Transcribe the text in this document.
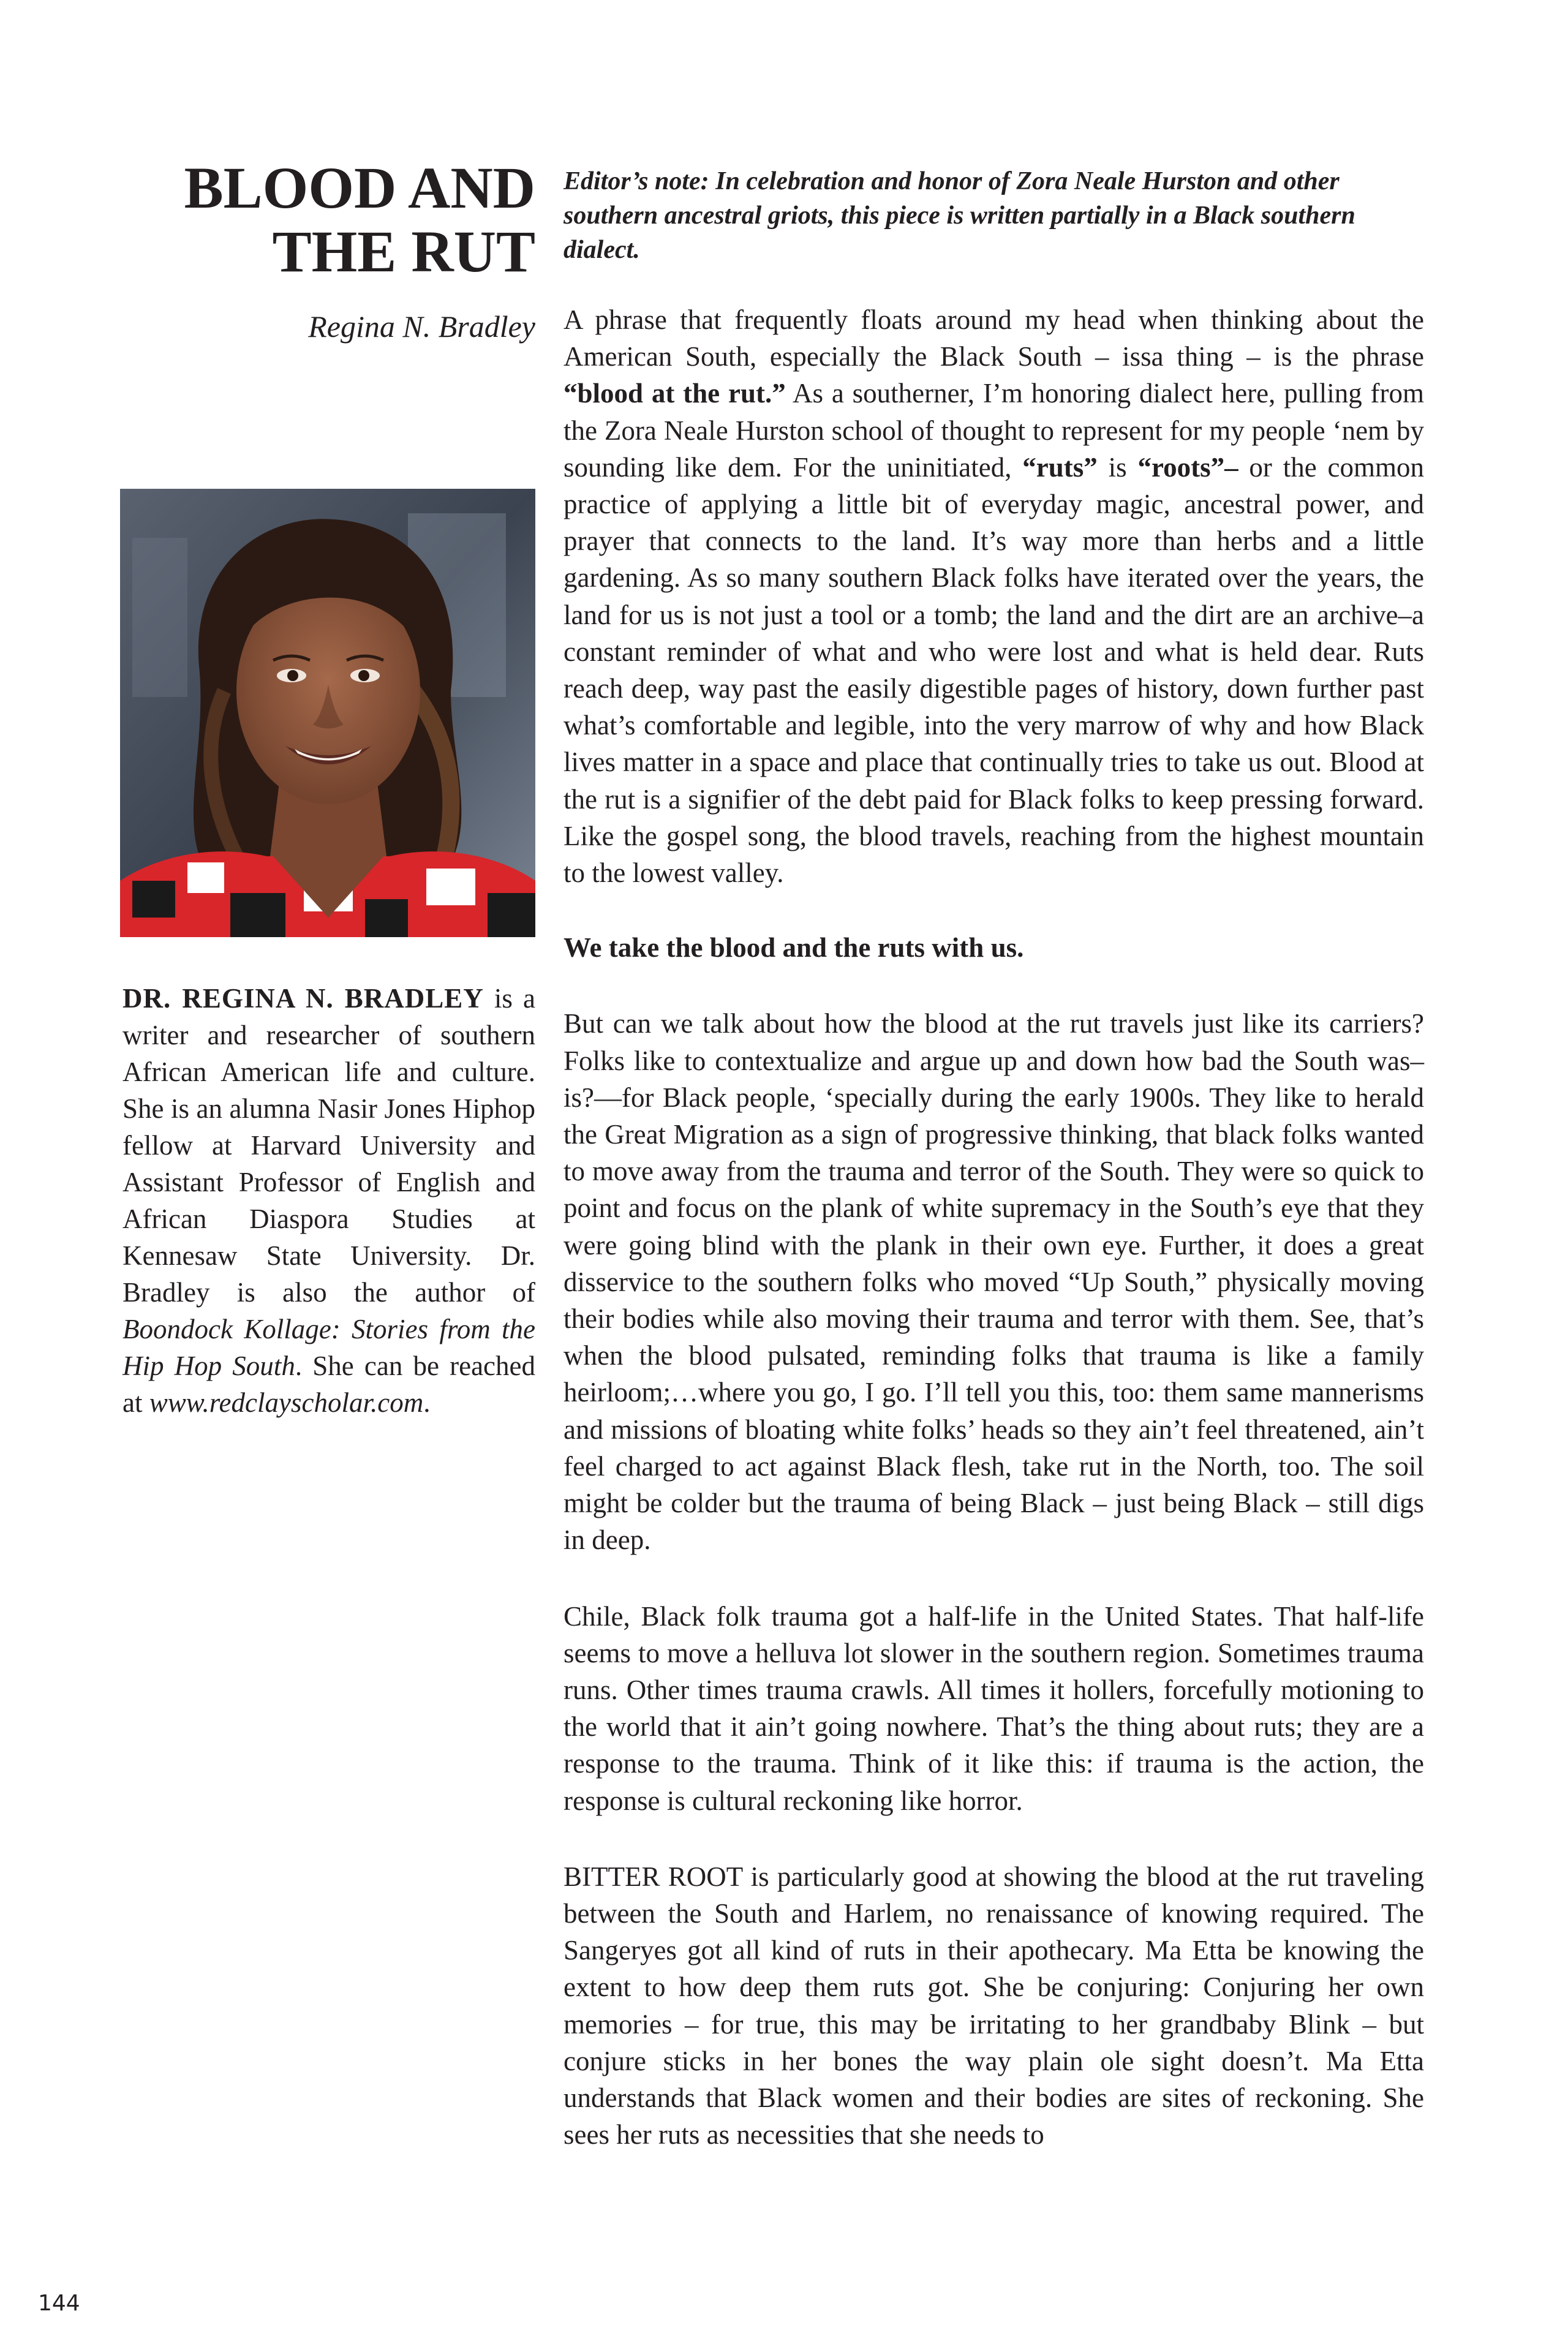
BLOOD AND
THE RUT
Regina N. Bradley

DR. REGINA N. BRADLEY is a writer and researcher of southern African American life and culture. She is an alumna Nasir Jones Hiphop fellow at Harvard University and Assistant Professor of English and African Diaspora Studies at Kennesaw State University. Dr. Bradley is also the author of Boondock Kollage: Stories from the Hip Hop South. She can be reached at www.redclayscholar.com.

Editor’s note: In celebration and honor of Zora Neale Hurston and other southern ancestral griots, this piece is written partially in a Black southern dialect.

A phrase that frequently floats around my head when thinking about the American South, especially the Black South – issa thing – is the phrase “blood at the rut.” As a southerner, I’m honoring dialect here, pulling from the Zora Neale Hurston school of thought to represent for my people ‘nem by sounding like dem. For the uninitiated, “ruts” is “roots”– or the common practice of applying a little bit of everyday magic, ancestral power, and prayer that connects to the land. It’s way more than herbs and a little gardening. As so many southern Black folks have iterated over the years, the land for us is not just a tool or a tomb; the land and the dirt are an archive–a constant reminder of what and who were lost and what is held dear. Ruts reach deep, way past the easily digestible pages of history, down further past what’s comfortable and legible, into the very marrow of why and how Black lives matter in a space and place that continually tries to take us out. Blood at the rut is a signifier of the debt paid for Black folks to keep pressing forward. Like the gospel song, the blood travels, reaching from the highest mountain to the lowest valley.

We take the blood and the ruts with us.

But can we talk about how the blood at the rut travels just like its carriers? Folks like to contextualize and argue up and down how bad the South was–is?—for Black people, ‘specially during the early 1900s. They like to herald the Great Migration as a sign of progressive thinking, that black folks wanted to move away from the trauma and terror of the South. They were so quick to point and focus on the plank of white supremacy in the South’s eye that they were going blind with the plank in their own eye. Further, it does a great disservice to the southern folks who moved “Up South,” physically moving their bodies while also moving their trauma and terror with them. See, that’s when the blood pulsated, reminding folks that trauma is like a family heirloom;…where you go, I go. I’ll tell you this, too: them same mannerisms and missions of bloating white folks’ heads so they ain’t feel threatened, ain’t feel charged to act against Black flesh, take rut in the North, too. The soil might be colder but the trauma of being Black – just being Black – still digs in deep.

Chile, Black folk trauma got a half-life in the United States. That half-life seems to move a helluva lot slower in the southern region. Sometimes trauma runs. Other times trauma crawls. All times it hollers, forcefully motioning to the world that it ain’t going nowhere. That’s the thing about ruts; they are a response to the trauma. Think of it like this: if trauma is the action, the response is cultural reckoning like horror.

BITTER ROOT is particularly good at showing the blood at the rut traveling between the South and Harlem, no renaissance of knowing required. The Sangeryes got all kind of ruts in their apothecary. Ma Etta be knowing the extent to how deep them ruts got. She be conjuring: Conjuring her own memories – for true, this may be irritating to her grandbaby Blink – but conjure sticks in her bones the way plain ole sight doesn’t. Ma Etta understands that Black women and their bodies are sites of reckoning. She sees her ruts as necessities that she needs to

144
